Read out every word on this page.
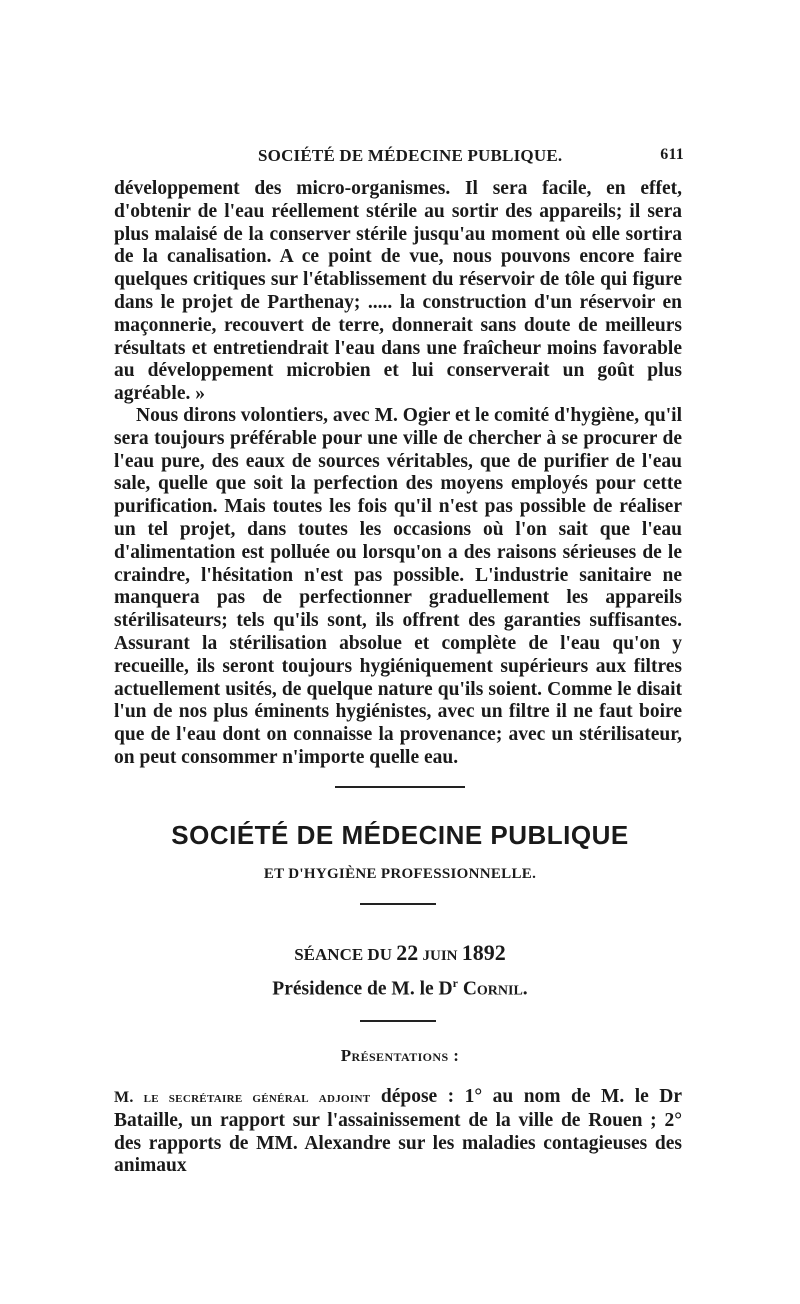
SOCIÉTÉ DE MÉDECINE PUBLIQUE.	611

développement des micro-organismes. Il sera facile, en effet, d'obtenir de l'eau réellement stérile au sortir des appareils; il sera plus malaisé de la conserver stérile jusqu'au moment où elle sortira de la canalisation. A ce point de vue, nous pouvons encore faire quelques critiques sur l'établissement du réservoir de tôle qui figure dans le projet de Parthenay; ..... la construction d'un réservoir en maçonnerie, recouvert de terre, donnerait sans doute de meilleurs résultats et entretiendrait l'eau dans une fraîcheur moins favorable au développement microbien et lui conserverait un goût plus agréable. »

Nous dirons volontiers, avec M. Ogier et le comité d'hygiène, qu'il sera toujours préférable pour une ville de chercher à se procurer de l'eau pure, des eaux de sources véritables, que de purifier de l'eau sale, quelle que soit la perfection des moyens employés pour cette purification. Mais toutes les fois qu'il n'est pas possible de réaliser un tel projet, dans toutes les occasions où l'on sait que l'eau d'alimentation est polluée ou lorsqu'on a des raisons sérieuses de le craindre, l'hésitation n'est pas possible. L'industrie sanitaire ne manquera pas de perfectionner graduellement les appareils stérilisateurs; tels qu'ils sont, ils offrent des garanties suffisantes. Assurant la stérilisation absolue et complète de l'eau qu'on y recueille, ils seront toujours hygiéniquement supérieurs aux filtres actuellement usités, de quelque nature qu'ils soient. Comme le disait l'un de nos plus éminents hygiénistes, avec un filtre il ne faut boire que de l'eau dont on connaisse la provenance; avec un stérilisateur, on peut consommer n'importe quelle eau.

SOCIÉTÉ DE MÉDECINE PUBLIQUE
ET D'HYGIÈNE PROFESSIONNELLE.
SÉANCE DU 22 JUIN 1892
Présidence de M. le $D^r$ Cornil.
Présentations :

M. le secrétaire général adjoint dépose : 1° au nom de M. le Dr Bataille, un rapport sur l'assainissement de la ville de Rouen ; 2° des rapports de MM. Alexandre sur les maladies contagieuses des animaux
